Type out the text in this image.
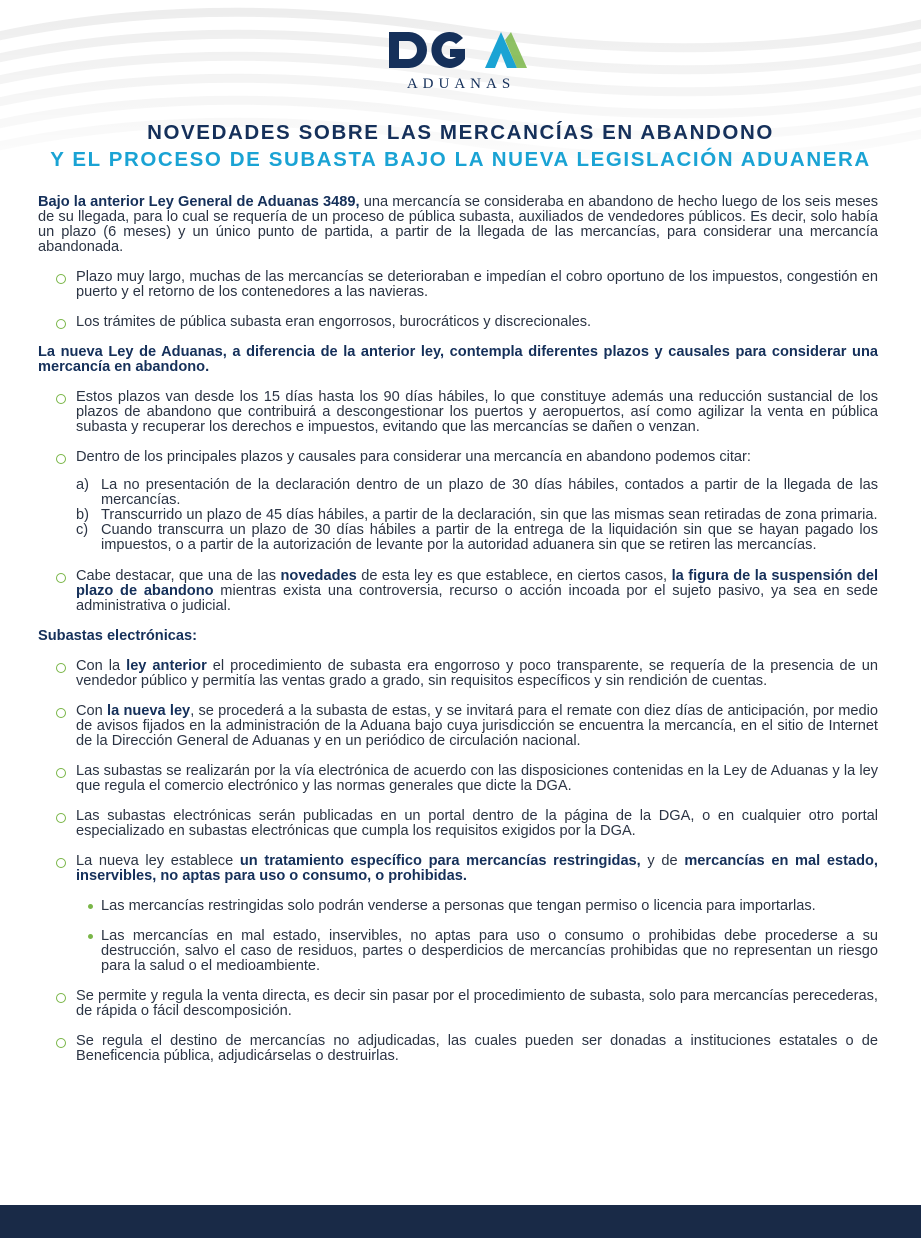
ADUANAS
NOVEDADES SOBRE LAS MERCANCÍAS EN ABANDONO
Y EL PROCESO DE SUBASTA BAJO LA NUEVA LEGISLACIÓN ADUANERA

Bajo la anterior Ley General de Aduanas 3489, una mercancía se consideraba en abandono de hecho luego de los seis meses de su llegada, para lo cual se requería de un proceso de pública subasta, auxiliados de vendedores públicos. Es decir, solo había un plazo (6 meses) y un único punto de partida, a partir de la llegada de las mercancías, para considerar una mercancía abandonada.

Plazo muy largo, muchas de las mercancías se deterioraban e impedían el cobro oportuno de los impuestos, congestión en puerto y el retorno de los contenedores a las navieras.
Los trámites de pública subasta eran engorrosos, burocráticos y discrecionales.

La nueva Ley de Aduanas, a diferencia de la anterior ley, contempla diferentes plazos y causales para considerar una mercancía en abandono.

Estos plazos van desde los 15 días hasta los 90 días hábiles, lo que constituye además una reducción sustancial de los plazos de abandono que contribuirá a descongestionar los puertos y aeropuertos, así como agilizar la venta en pública subasta y recuperar los derechos e impuestos, evitando que las mercancías se dañen o venzan.
Dentro de los principales plazos y causales para considerar una mercancía en abandono podemos citar:
a) La no presentación de la declaración dentro de un plazo de 30 días hábiles, contados a partir de la llegada de las mercancías.
b) Transcurrido un plazo de 45 días hábiles, a partir de la declaración, sin que las mismas sean retiradas de zona primaria.
c) Cuando transcurra un plazo de 30 días hábiles a partir de la entrega de la liquidación sin que se hayan pagado los impuestos, o a partir de la autorización de levante por la autoridad aduanera sin que se retiren las mercancías.
Cabe destacar, que una de las novedades de esta ley es que establece, en ciertos casos, la figura de la suspensión del plazo de abandono mientras exista una controversia, recurso o acción incoada por el sujeto pasivo, ya sea en sede administrativa o judicial.

Subastas electrónicas:

Con la ley anterior el procedimiento de subasta era engorroso y poco transparente, se requería de la presencia de un vendedor público y permitía las ventas grado a grado, sin requisitos específicos y sin rendición de cuentas.
Con la nueva ley, se procederá a la subasta de estas, y se invitará para el remate con diez días de anticipación, por medio de avisos fijados en la administración de la Aduana bajo cuya jurisdicción se encuentra la mercancía, en el sitio de Internet de la Dirección General de Aduanas y en un periódico de circulación nacional.
Las subastas se realizarán por la vía electrónica de acuerdo con las disposiciones contenidas en la Ley de Aduanas y la ley que regula el comercio electrónico y las normas generales que dicte la DGA.
Las subastas electrónicas serán publicadas en un portal dentro de la página de la DGA, o en cualquier otro portal especializado en subastas electrónicas que cumpla los requisitos exigidos por la DGA.
La nueva ley establece un tratamiento específico para mercancías restringidas, y de mercancías en mal estado, inservibles, no aptas para uso o consumo, o prohibidas.
Las mercancías restringidas solo podrán venderse a personas que tengan permiso o licencia para importarlas.
Las mercancías en mal estado, inservibles, no aptas para uso o consumo o prohibidas debe procederse a su destrucción, salvo el caso de residuos, partes o desperdicios de mercancías prohibidas que no representan un riesgo para la salud o el medioambiente.
Se permite y regula la venta directa, es decir sin pasar por el procedimiento de subasta, solo para mercancías perecederas, de rápida o fácil descomposición.
Se regula el destino de mercancías no adjudicadas, las cuales pueden ser donadas a instituciones estatales o de Beneficencia pública, adjudicárselas o destruirlas.
